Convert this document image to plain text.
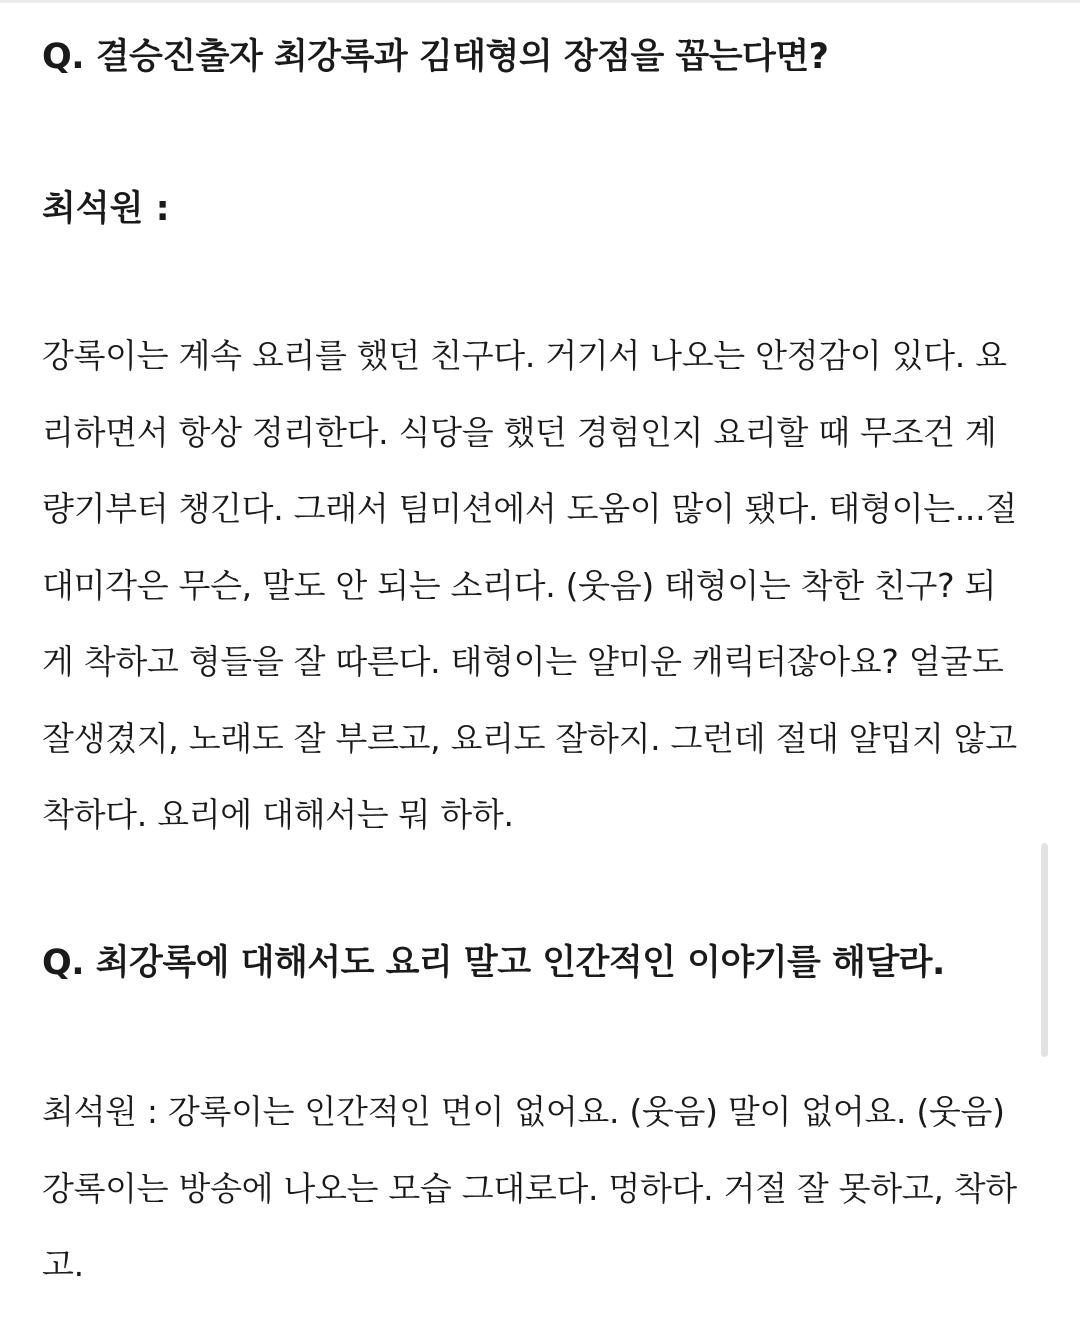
Q. 결승진출자 최강록과 김태형의 장점을 꼽는다면?
최석원 :
강록이는 계속 요리를 했던 친구다. 거기서 나오는 안정감이 있다. 요
리하면서 항상 정리한다. 식당을 했던 경험인지 요리할 때 무조건 계
량기부터 챙긴다. 그래서 팀미션에서 도움이 많이 됐다. 태형이는...절
대미각은 무슨, 말도 안 되는 소리다. (웃음) 태형이는 착한 친구? 되
게 착하고 형들을 잘 따른다. 태형이는 얄미운 캐릭터잖아요? 얼굴도
잘생겼지, 노래도 잘 부르고, 요리도 잘하지. 그런데 절대 얄밉지 않고
착하다. 요리에 대해서는 뭐 하하.
Q. 최강록에 대해서도 요리 말고 인간적인 이야기를 해달라.
최석원 : 강록이는 인간적인 면이 없어요. (웃음) 말이 없어요. (웃음)
강록이는 방송에 나오는 모습 그대로다. 멍하다. 거절 잘 못하고, 착하
고.
